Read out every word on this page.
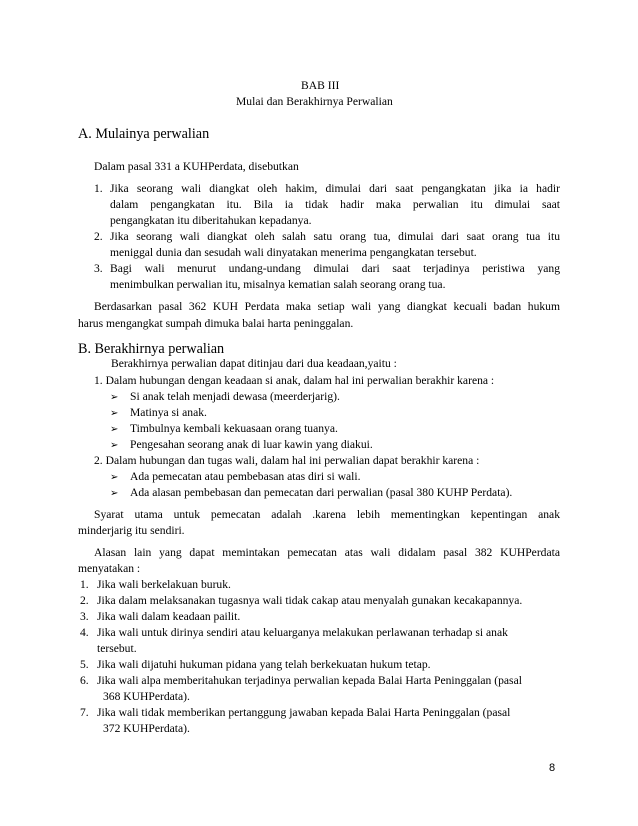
BAB III
Mulai dan Berakhirnya Perwalian
A. Mulainya perwalian
Dalam pasal 331 a KUHPerdata, disebutkan
1. Jika seorang wali diangkat oleh hakim, dimulai dari saat pengangkatan jika ia hadir
dalam pengangkatan itu. Bila ia tidak hadir maka perwalian itu dimulai saat
pengangkatan itu diberitahukan kepadanya.
2. Jika seorang wali diangkat oleh salah satu orang tua, dimulai dari saat orang tua itu
meniggal dunia dan sesudah wali dinyatakan menerima pengangkatan tersebut.
3. Bagi wali menurut undang-undang dimulai dari saat terjadinya peristiwa yang
menimbulkan perwalian itu, misalnya kematian salah seorang orang tua.
Berdasarkan pasal 362 KUH Perdata maka setiap wali yang diangkat kecuali badan hukum
harus mengangkat sumpah dimuka balai harta peninggalan.
B. Berakhirnya perwalian
Berakhirnya perwalian dapat ditinjau dari dua keadaan,yaitu :
1. Dalam hubungan dengan keadaan si anak, dalam hal ini perwalian berakhir karena :
➢ Si anak telah menjadi dewasa (meerderjarig).
➢ Matinya si anak.
➢ Timbulnya kembali kekuasaan orang tuanya.
➢ Pengesahan seorang anak di luar kawin yang diakui.
2. Dalam hubungan dan tugas wali, dalam hal ini perwalian dapat berakhir karena :
➢ Ada pemecatan atau pembebasan atas diri si wali.
➢ Ada alasan pembebasan dan pemecatan dari perwalian (pasal 380 KUHP Perdata).
Syarat utama untuk pemecatan adalah .karena lebih mementingkan kepentingan anak
minderjarig itu sendiri.
Alasan lain yang dapat memintakan pemecatan atas wali didalam pasal 382 KUHPerdata
menyatakan :
1. Jika wali berkelakuan buruk.
2. Jika dalam melaksanakan tugasnya wali tidak cakap atau menyalah gunakan kecakapannya.
3. Jika wali dalam keadaan pailit.
4. Jika wali untuk dirinya sendiri atau keluarganya melakukan perlawanan terhadap si anak
tersebut.
5. Jika wali dijatuhi hukuman pidana yang telah berkekuatan hukum tetap.
6. Jika wali alpa memberitahukan terjadinya perwalian kepada Balai Harta Peninggalan (pasal
368 KUHPerdata).
7. Jika wali tidak memberikan pertanggung jawaban kepada Balai Harta Peninggalan (pasal
372 KUHPerdata).
8
